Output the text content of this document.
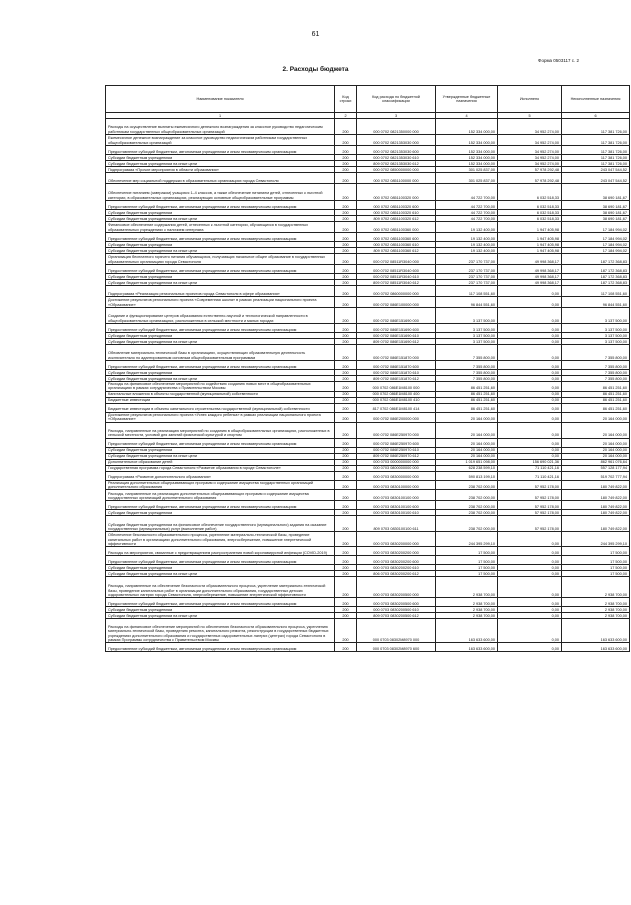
61
Форма 0503117 с. 2
2. Расходы бюджета
Наименование показателя	Код строки	Код расхода по бюджетной классификации	Утвержденные бюджетные назначения	Исполнено	Неисполненные назначения
1	2	3	4	5	6
Расходы на осуществление выплаты ежемесячного денежного вознаграждения за классное руководство педагогическим работникам государственных общеобразовательных организаций	200	000 0702 0821350000 000	152 334 000,00	34 952 274,00	117 381 726,00
Ежемесячное денежное вознаграждение за классное руководство педагогическим работникам государственных общеобразовательных организаций	200	000 0702 0821353030 000	152 334 000,00	34 952 274,00	117 381 726,00
Предоставление субсидий бюджетным, автономным учреждениям и иным некоммерческим организациям	200	000 0702 0821353030 600	152 334 000,00	34 952 274,00	117 381 726,00
Субсидии бюджетным учреждениям	200	000 0702 0821353030 610	152 334 000,00	34 952 274,00	117 381 726,00
Субсидии бюджетным учреждениям на иные цели	200	809 0702 0821353030 612	152 334 000,00	34 952 274,00	117 381 726,00
Подпрограмма «Прочие мероприятия в области образования»	200	000 0702 0850000000 000	301 025 837,00	57 978 292,48	243 047 544,52
Обеспечение мер социальной поддержки в образовательных организациях города Севастополя	200	000 0702 0851100000 000	301 025 837,00	57 978 292,48	243 047 544,52
Обеспечение питанием (завтраком) учащихся 1–4 классов, а также обеспечение питанием детей, отнесенных к льготной категории, в образовательных организациях, реализующих основные общеобразовательные программы	200	000 0702 0851100320 000	44 722 700,00	6 032 518,33	38 690 181,67
Предоставление субсидий бюджетным, автономным учреждениям и иным некоммерческим организациям	200	000 0702 0851100320 600	44 722 700,00	6 032 518,33	38 690 181,67
Субсидии бюджетным учреждениям	200	000 0702 0851100320 610	44 722 700,00	6 032 518,33	38 690 181,67
Субсидии бюджетным учреждениям на иные цели	200	809 0702 0851100320 612	44 722 700,00	6 032 518,33	38 690 181,67
Финансовое обеспечение содержания детей, отнесенных к льготной категории, обучающихся в государственных образовательных учреждениях с наличием интерната	200	000 0702 0851100360 000	19 132 400,00	1 947 405,98	17 184 994,02
Предоставление субсидий бюджетным, автономным учреждениям и иным некоммерческим организациям	200	000 0702 0851100360 600	19 132 400,00	1 947 405,98	17 184 994,02
Субсидии бюджетным учреждениям	200	000 0702 0851100360 610	19 132 400,00	1 947 405,98	17 184 994,02
Субсидии бюджетным учреждениям на иные цели	200	809 0702 0851100360 612	19 132 400,00	1 947 405,98	17 184 994,02
Организация бесплатного горячего питания обучающихся, получающих начальное общее образование в государственных образовательных организациях города Севастополя	200	000 0702 08511R3040 000	237 170 737,00	49 998 368,17	187 172 368,83
Предоставление субсидий бюджетным, автономным учреждениям и иным некоммерческим организациям	200	000 0702 08511R3040 600	237 170 737,00	49 998 368,17	187 172 368,83
Субсидии бюджетным учреждениям	200	000 0702 08511R3040 610	237 170 737,00	49 998 368,17	187 172 368,83
Субсидии бюджетным учреждениям на иные цели	200	809 0702 08511R3040 612	237 170 737,00	49 998 368,17	187 172 368,83
Подпрограмма «Реализация региональных проектов города Севастополя в сфере образования»	200	000 0702 0860000000 000	117 108 551,60	0,00	117 108 551,60
Достижение результатов регионального проекта «Современная школа» в рамках реализации национального проекта «Образование»	200	000 0702 086E100000 000	96 844 551,60	0,00	96 844 551,60
Создание и функционирование центров образования естественно-научной и технологической направленности в общеобразовательных организациях, расположенных в сельской местности и малых городах	200	000 0702 086E151690 000	3 137 500,00	0,00	3 137 500,00
Предоставление субсидий бюджетным, автономным учреждениям и иным некоммерческим организациям	200	000 0702 086E151690 600	3 137 500,00	0,00	3 137 500,00
Субсидии бюджетным учреждениям	200	000 0702 086E151690 610	3 137 500,00	0,00	3 137 500,00
Субсидии бюджетным учреждениям на иные цели	200	809 0702 086E151690 612	3 137 500,00	0,00	3 137 500,00
Обновление материально-технической базы в организациях, осуществляющих образовательную деятельность исключительно по адаптированным основным общеобразовательным программам	200	000 0702 086E151870 000	7 355 800,00	0,00	7 355 800,00
Предоставление субсидий бюджетным, автономным учреждениям и иным некоммерческим организациям	200	000 0702 086E151870 600	7 355 800,00	0,00	7 355 800,00
Субсидии бюджетным учреждениям	200	000 0702 086E151870 610	7 355 800,00	0,00	7 355 800,00
Субсидии бюджетным учреждениям на иные цели	200	809 0702 086E151870 612	7 355 800,00	0,00	7 355 800,00
Расходы на финансовое обеспечение мероприятий по содействию созданию новых мест в общеобразовательных организациях в рамках сотрудничества с Правительством Москвы	200	000 0702 086E1М8100 000	86 451 251,60	0,00	86 451 251,60
Капитальные вложения в объекты государственной (муниципальной) собственности	200	000 0702 086E1М8100 400	86 451 251,60	0,00	86 451 251,60
Бюджетные инвестиции	200	000 0702 086E1М8100 410	86 451 251,60	0,00	86 451 251,60
Бюджетные инвестиции в объекты капитального строительства государственной (муниципальной) собственности	200	817 0702 086E1М8100 414	86 451 251,60	0,00	86 451 251,60
Достижение результатов регионального проекта «Успех каждого ребенка» в рамках реализации национального проекта «Образование»	200	000 0702 086E200000 000	20 164 000,00	0,00	20 164 000,00
Расходы, направленные на реализацию мероприятий по созданию в общеобразовательных организациях, расположенных в сельской местности, условий для занятий физической культурой и спортом	200	000 0702 086E250970 000	20 164 000,00	0,00	20 164 000,00
Предоставление субсидий бюджетным, автономным учреждениям и иным некоммерческим организациям	200	000 0702 086E250970 600	20 164 000,00	0,00	20 164 000,00
Субсидии бюджетным учреждениям	200	000 0702 086E250970 610	20 164 000,00	0,00	20 164 000,00
Субсидии бюджетным учреждениям на иные цели	200	809 0702 086E250970 612	20 164 000,00	0,00	20 164 000,00
Дополнительное образование детей	200	000 0703 0000000000 000	1 019 651 098,00	156 690 021,36	862 961 076,64
Государственная программа города Севастополя «Развитие образования в городе Севастополе»	200	000 0703 0800000000 000	628 238 599,10	71 110 421,16	557 128 177,94
Подпрограмма «Развитие дополнительного образования»	200	000 0703 0830000000 000	590 813 199,10	71 110 421,16	519 702 777,94
Реализация дополнительных общеразвивающих программ и содержание имущества государственных организаций дополнительного образования	200	000 0703 0830100000 000	238 702 000,00	57 952 178,00	180 749 822,00
Расходы, направленные на реализацию дополнительных общеразвивающих программ и содержание имущества государственных организаций дополнительного образования	200	000 0703 0830100100 000	238 702 000,00	57 952 178,00	180 749 822,00
Предоставление субсидий бюджетным, автономным учреждениям и иным некоммерческим организациям	200	000 0703 0830100100 600	238 702 000,00	57 952 178,00	180 749 822,00
Субсидии бюджетным учреждениям	200	000 0703 0830100100 610	238 702 000,00	57 952 178,00	180 749 822,00
Субсидии бюджетным учреждениям на финансовое обеспечение государственного (муниципального) задания на оказание государственных (муниципальных) услуг (выполнение работ)	200	809 0703 0830100100 611	238 702 000,00	57 952 178,00	180 749 822,00
Обеспечение безопасности образовательного процесса, укрепление материально-технической базы, проведение капитальных работ в организациях дополнительного образования, энергосбережение, повышение энергетической эффективности	200	000 0703 0830200000 000	244 395 299,10	0,00	244 395 299,10
Расходы на мероприятия, связанные с предотвращением распространения новой коронавирусной инфекции (COVID-2019)	200	000 0703 0830200200 000	17 500,00	0,00	17 500,00
Предоставление субсидий бюджетным, автономным учреждениям и иным некоммерческим организациям	200	000 0703 0830200200 600	17 500,00	0,00	17 500,00
Субсидии бюджетным учреждениям	200	000 0703 0830200200 610	17 500,00	0,00	17 500,00
Субсидии бюджетным учреждениям на иные цели	200	806 0703 0830200200 612	17 500,00	0,00	17 500,00
Расходы, направленные на обеспечение безопасности образовательного процесса, укрепление материально-технической базы, проведение капитальных работ в организации дополнительного образования, государственных детских оздоровительных лагерях города Севастополя, энергосбережение, повышение энергетической эффективности	200	000 0703 0830200500 000	2 938 700,00	0,00	2 938 700,00
Предоставление субсидий бюджетным, автономным учреждениям и иным некоммерческим организациям	200	000 0703 0830200500 600	2 938 700,00	0,00	2 938 700,00
Субсидии бюджетным учреждениям	200	000 0703 0830200500 610	2 938 700,00	0,00	2 938 700,00
Субсидии бюджетным учреждениям на иные цели	200	809 0703 0830200500 612	2 938 700,00	0,00	2 938 700,00
Расходы на финансовое обеспечение мероприятий по обеспечению безопасности образовательного процесса, укреплению материально-технической базы, проведению ремонта, капитального ремонта, реконструкции в государственных бюджетных учреждениях дополнительного образования и государственных оздоровительных лагерях (центрах) города Севастополя в рамках Программы сотрудничества с Правительством Москвы	200	000 0703 08302М8970 000	163 633 600,00	0,00	163 633 600,00
Предоставление субсидий бюджетным, автономным учреждениям и иным некоммерческим организациям	200	000 0703 08302М8970 600	163 633 600,00	0,00	163 633 600,00
